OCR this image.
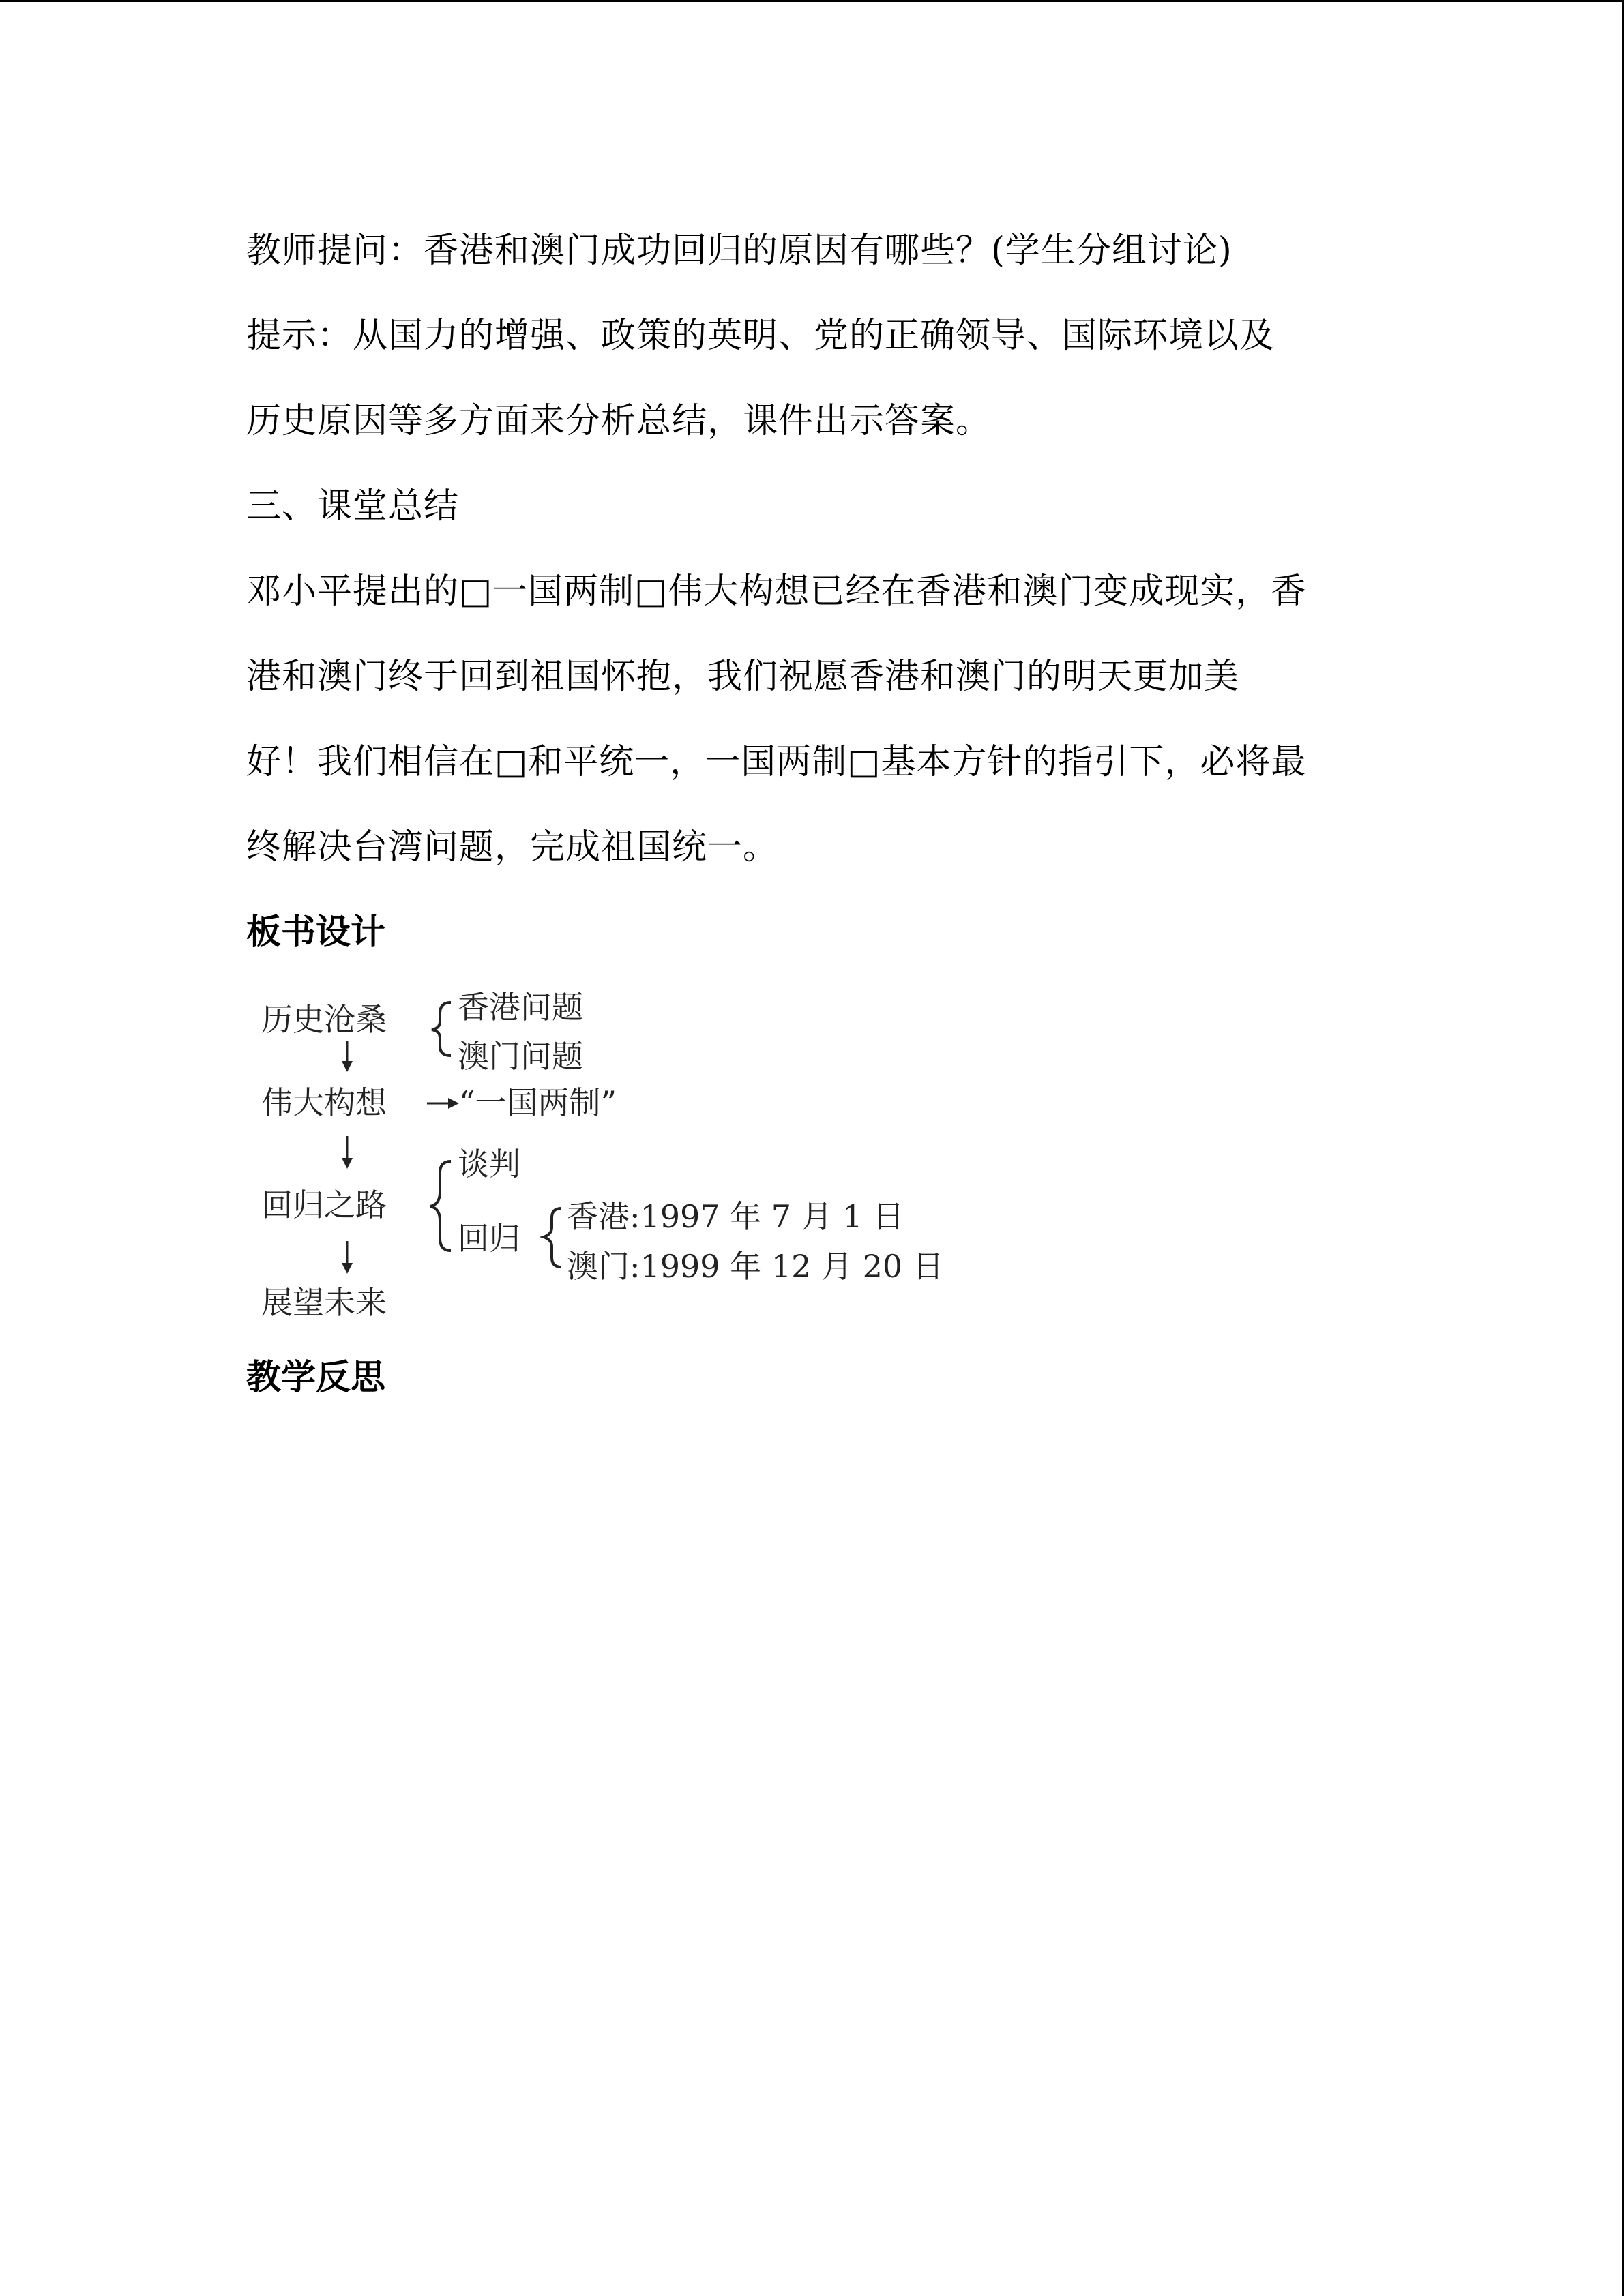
教师提问：香港和澳门成功回归的原因有哪些？(学生分组讨论)
提示：从国力的增强、政策的英明、党的正确领导、国际环境以及
历史原因等多方面来分析总结，课件出示答案。
三、课堂总结
邓小平提出的□一国两制□伟大构想已经在香港和澳门变成现实，香
港和澳门终于回到祖国怀抱，我们祝愿香港和澳门的明天更加美
好！我们相信在□和平统一，一国两制□基本方针的指引下，必将最
终解决台湾问题，完成祖国统一。
板书设计
历史沧桑 香港问题
澳门问题
伟大构想 “一国两制”
回归之路
谈判
回归
香港:1997 年 7 月 1 日
澳门:1999 年 12 月 20 日
展望未来
教学反思
